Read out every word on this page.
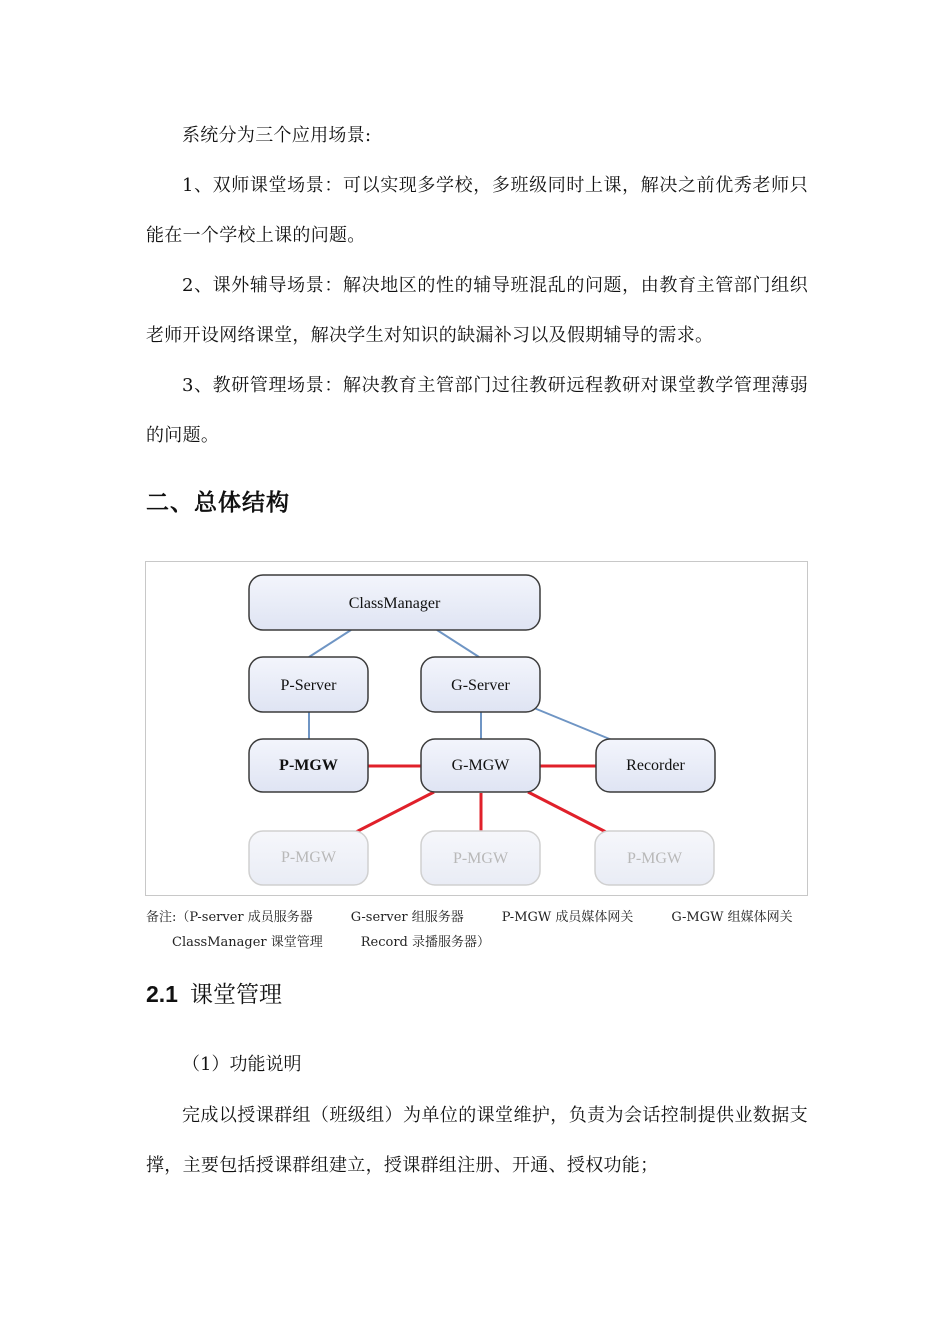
系统分为三个应用场景:

1、双师课堂场景：可以实现多学校，多班级同时上课，解决之前优秀老师只能在一个学校上课的问题。

2、课外辅导场景：解决地区的性的辅导班混乱的问题，由教育主管部门组织老师开设网络课堂，解决学生对知识的缺漏补习以及假期辅导的需求。

3、教研管理场景：解决教育主管部门过往教研远程教研对课堂教学管理薄弱的问题。

二、总体结构
ClassManager
P-Server	G-Server
P-MGW	G-MGW	Recorder
P-MGW	P-MGW	P-MGW

备注:（P-server 成员服务器	G-server 组服务器	P-MGW 成员媒体网关	G-MGW 组媒体网关
ClassManager 课堂管理	Record 录播服务器）

2.1 课堂管理

（1）功能说明

完成以授课群组（班级组）为单位的课堂维护，负责为会话控制提供业数据支撑，主要包括授课群组建立，授课群组注册、开通、授权功能；
